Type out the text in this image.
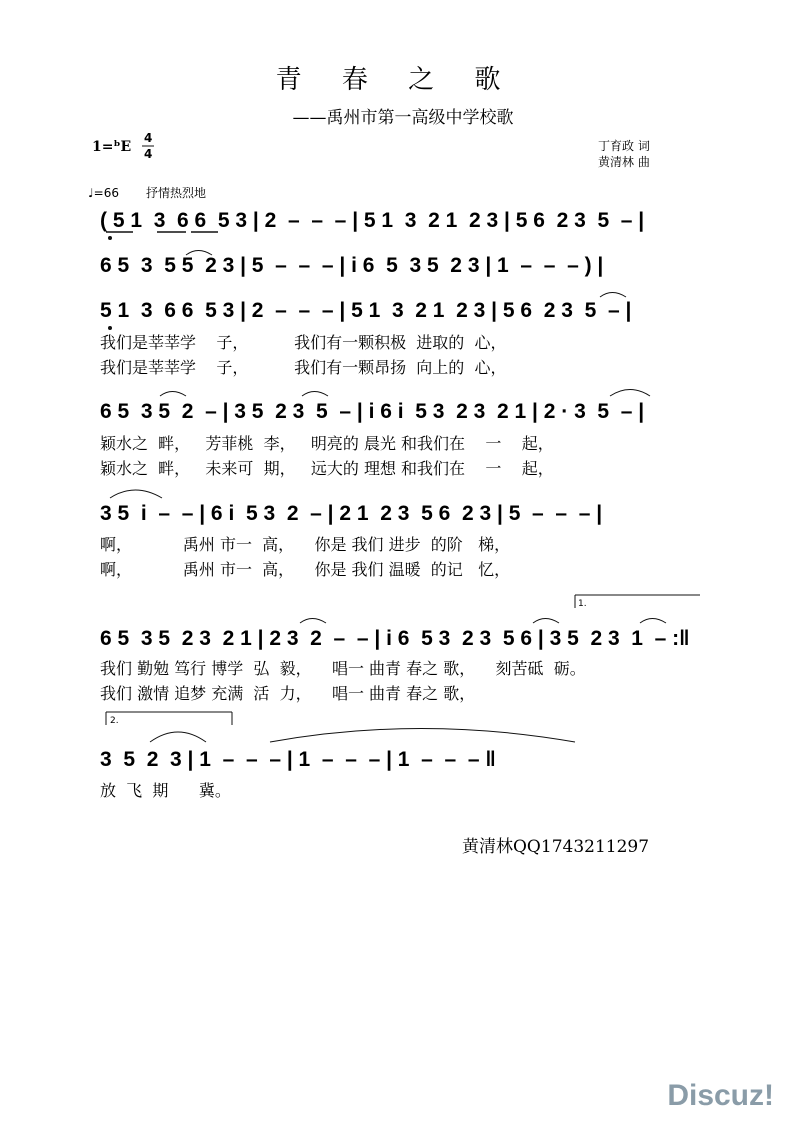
青 春 之 歌
——禹州市第一高级中学校歌
1=ᵇE
4
4
丁育政 词
黄清林 曲
♩=66 抒情热烈地
( 5 1  3  6 6  5 3 | 2  –  –  – | 5 1  3  2 1  2 3 | 5 6  2 3  5  – |
6 5  3  5 5  2 3 | 5  –  –  – | i 6  5  3 5  2 3 | 1  –  –  – ) |
5 1  3  6 6  5 3 | 2  –  –  – | 5 1  3  2 1  2 3 | 5 6  2 3  5  – |
我们是莘莘学    子，         我们有一颗积极  进取的  心，
我们是莘莘学    子，         我们有一颗昂扬  向上的  心，
6 5  3 5  2  – | 3 5  2 3  5  – | i 6 i  5 3  2 3  2 1 | 2 · 3  5  – |
颖水之  畔，   芳菲桃  李，   明亮的 晨光 和我们在    一    起，
颖水之  畔，   未来可  期，   远大的 理想 和我们在    一    起，
3 5  i  –  – | 6 i  5 3  2  – | 2 1  2 3  5 6  2 3 | 5  –  –  – |
啊，          禹州 市一  高，    你是 我们 进步  的阶   梯，
啊，          禹州 市一  高，    你是 我们 温暖  的记   忆，
1.
6 5  3 5  2 3  2 1 | 2 3  2  –  – | i 6  5 3  2 3  5 6 | 3 5  2 3  1  – :‖
我们 勤勉 笃行 博学  弘  毅，    唱一 曲青 春之 歌，    刻苦砥  砺。
我们 激情 追梦 充满  活  力，    唱一 曲青 春之 歌，
2.
3  5  2  3 | 1  –  –  – | 1  –  –  – | 1  –  –  – ‖
放  飞  期      冀。
黄清林QQ1743211297
Discuz!
